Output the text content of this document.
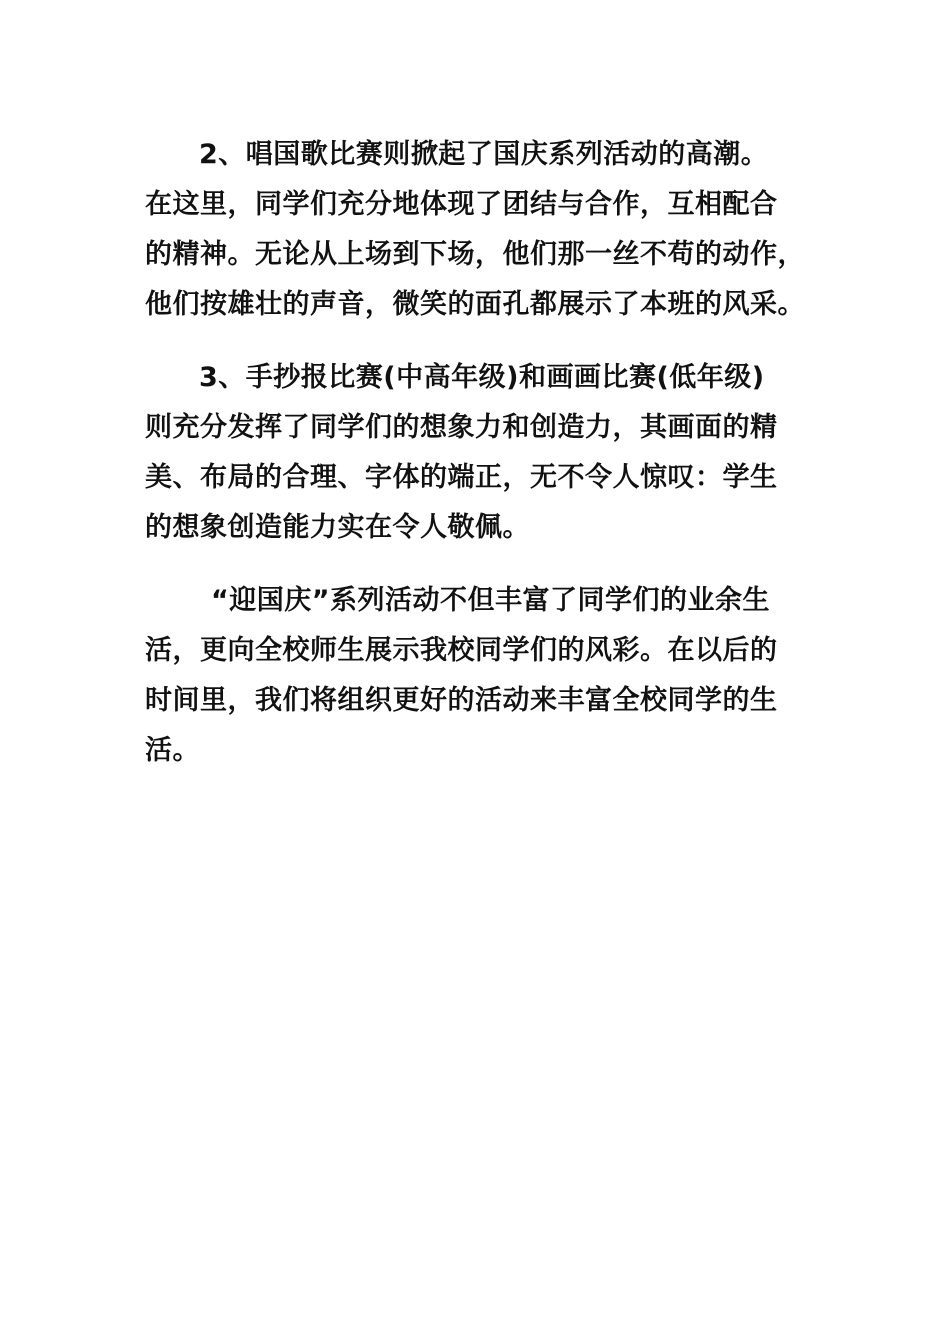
2、唱国歌比赛则掀起了国庆系列活动的高潮。
在这里，同学们充分地体现了团结与合作，互相配合
的精神。无论从上场到下场，他们那一丝不苟的动作，
他们按雄壮的声音，微笑的面孔都展示了本班的风采。
3、手抄报比赛(中高年级)和画画比赛(低年级)
则充分发挥了同学们的想象力和创造力，其画面的精
美、布局的合理、字体的端正，无不令人惊叹：学生
的想象创造能力实在令人敬佩。
“迎国庆”系列活动不但丰富了同学们的业余生
活，更向全校师生展示我校同学们的风彩。在以后的
时间里，我们将组织更好的活动来丰富全校同学的生
活。
